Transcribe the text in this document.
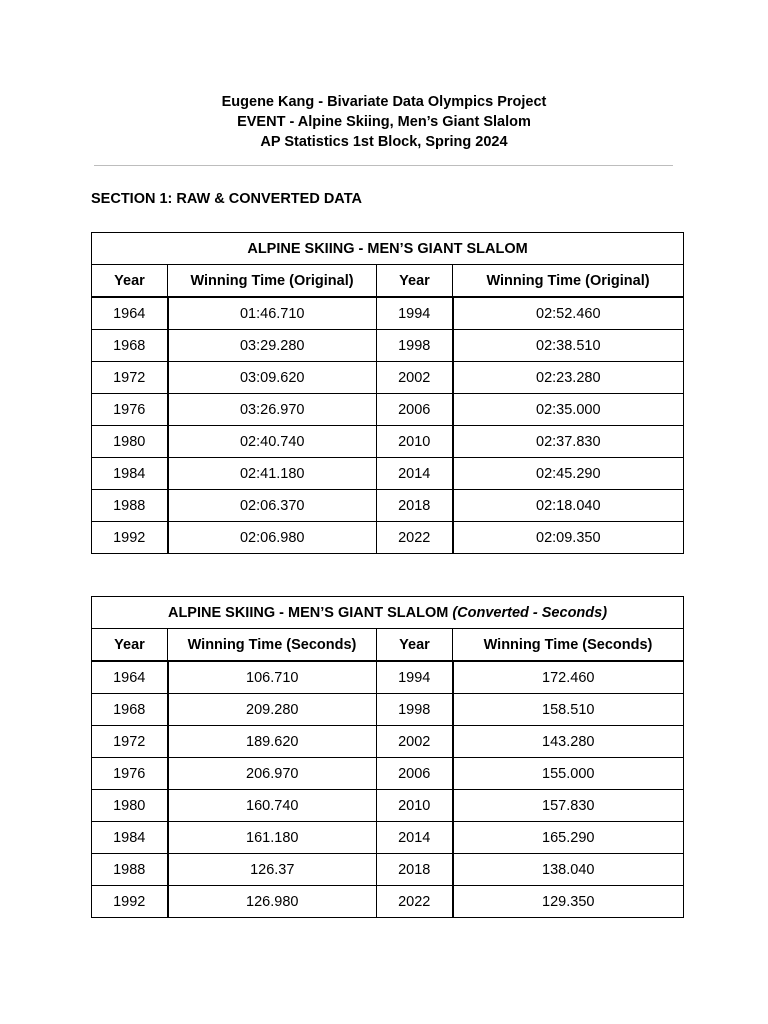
Eugene Kang - Bivariate Data Olympics Project
EVENT - Alpine Skiing, Men’s Giant Slalom
AP Statistics 1st Block, Spring 2024
SECTION 1: RAW & CONVERTED DATA
ALPINE SKIING - MEN’S GIANT SLALOM			
Year	Winning Time (Original)	Year	Winning Time (Original)
1964	01:46.710	1994	02:52.460
1968	03:29.280	1998	02:38.510
1972	03:09.620	2002	02:23.280
1976	03:26.970	2006	02:35.000
1980	02:40.740	2010	02:37.830
1984	02:41.180	2014	02:45.290
1988	02:06.370	2018	02:18.040
1992	02:06.980	2022	02:09.350
ALPINE SKIING - MEN’S GIANT SLALOM (Converted - Seconds)			
Year	Winning Time (Seconds)	Year	Winning Time (Seconds)
1964	106.710	1994	172.460
1968	209.280	1998	158.510
1972	189.620	2002	143.280
1976	206.970	2006	155.000
1980	160.740	2010	157.830
1984	161.180	2014	165.290
1988	126.37	2018	138.040
1992	126.980	2022	129.350
